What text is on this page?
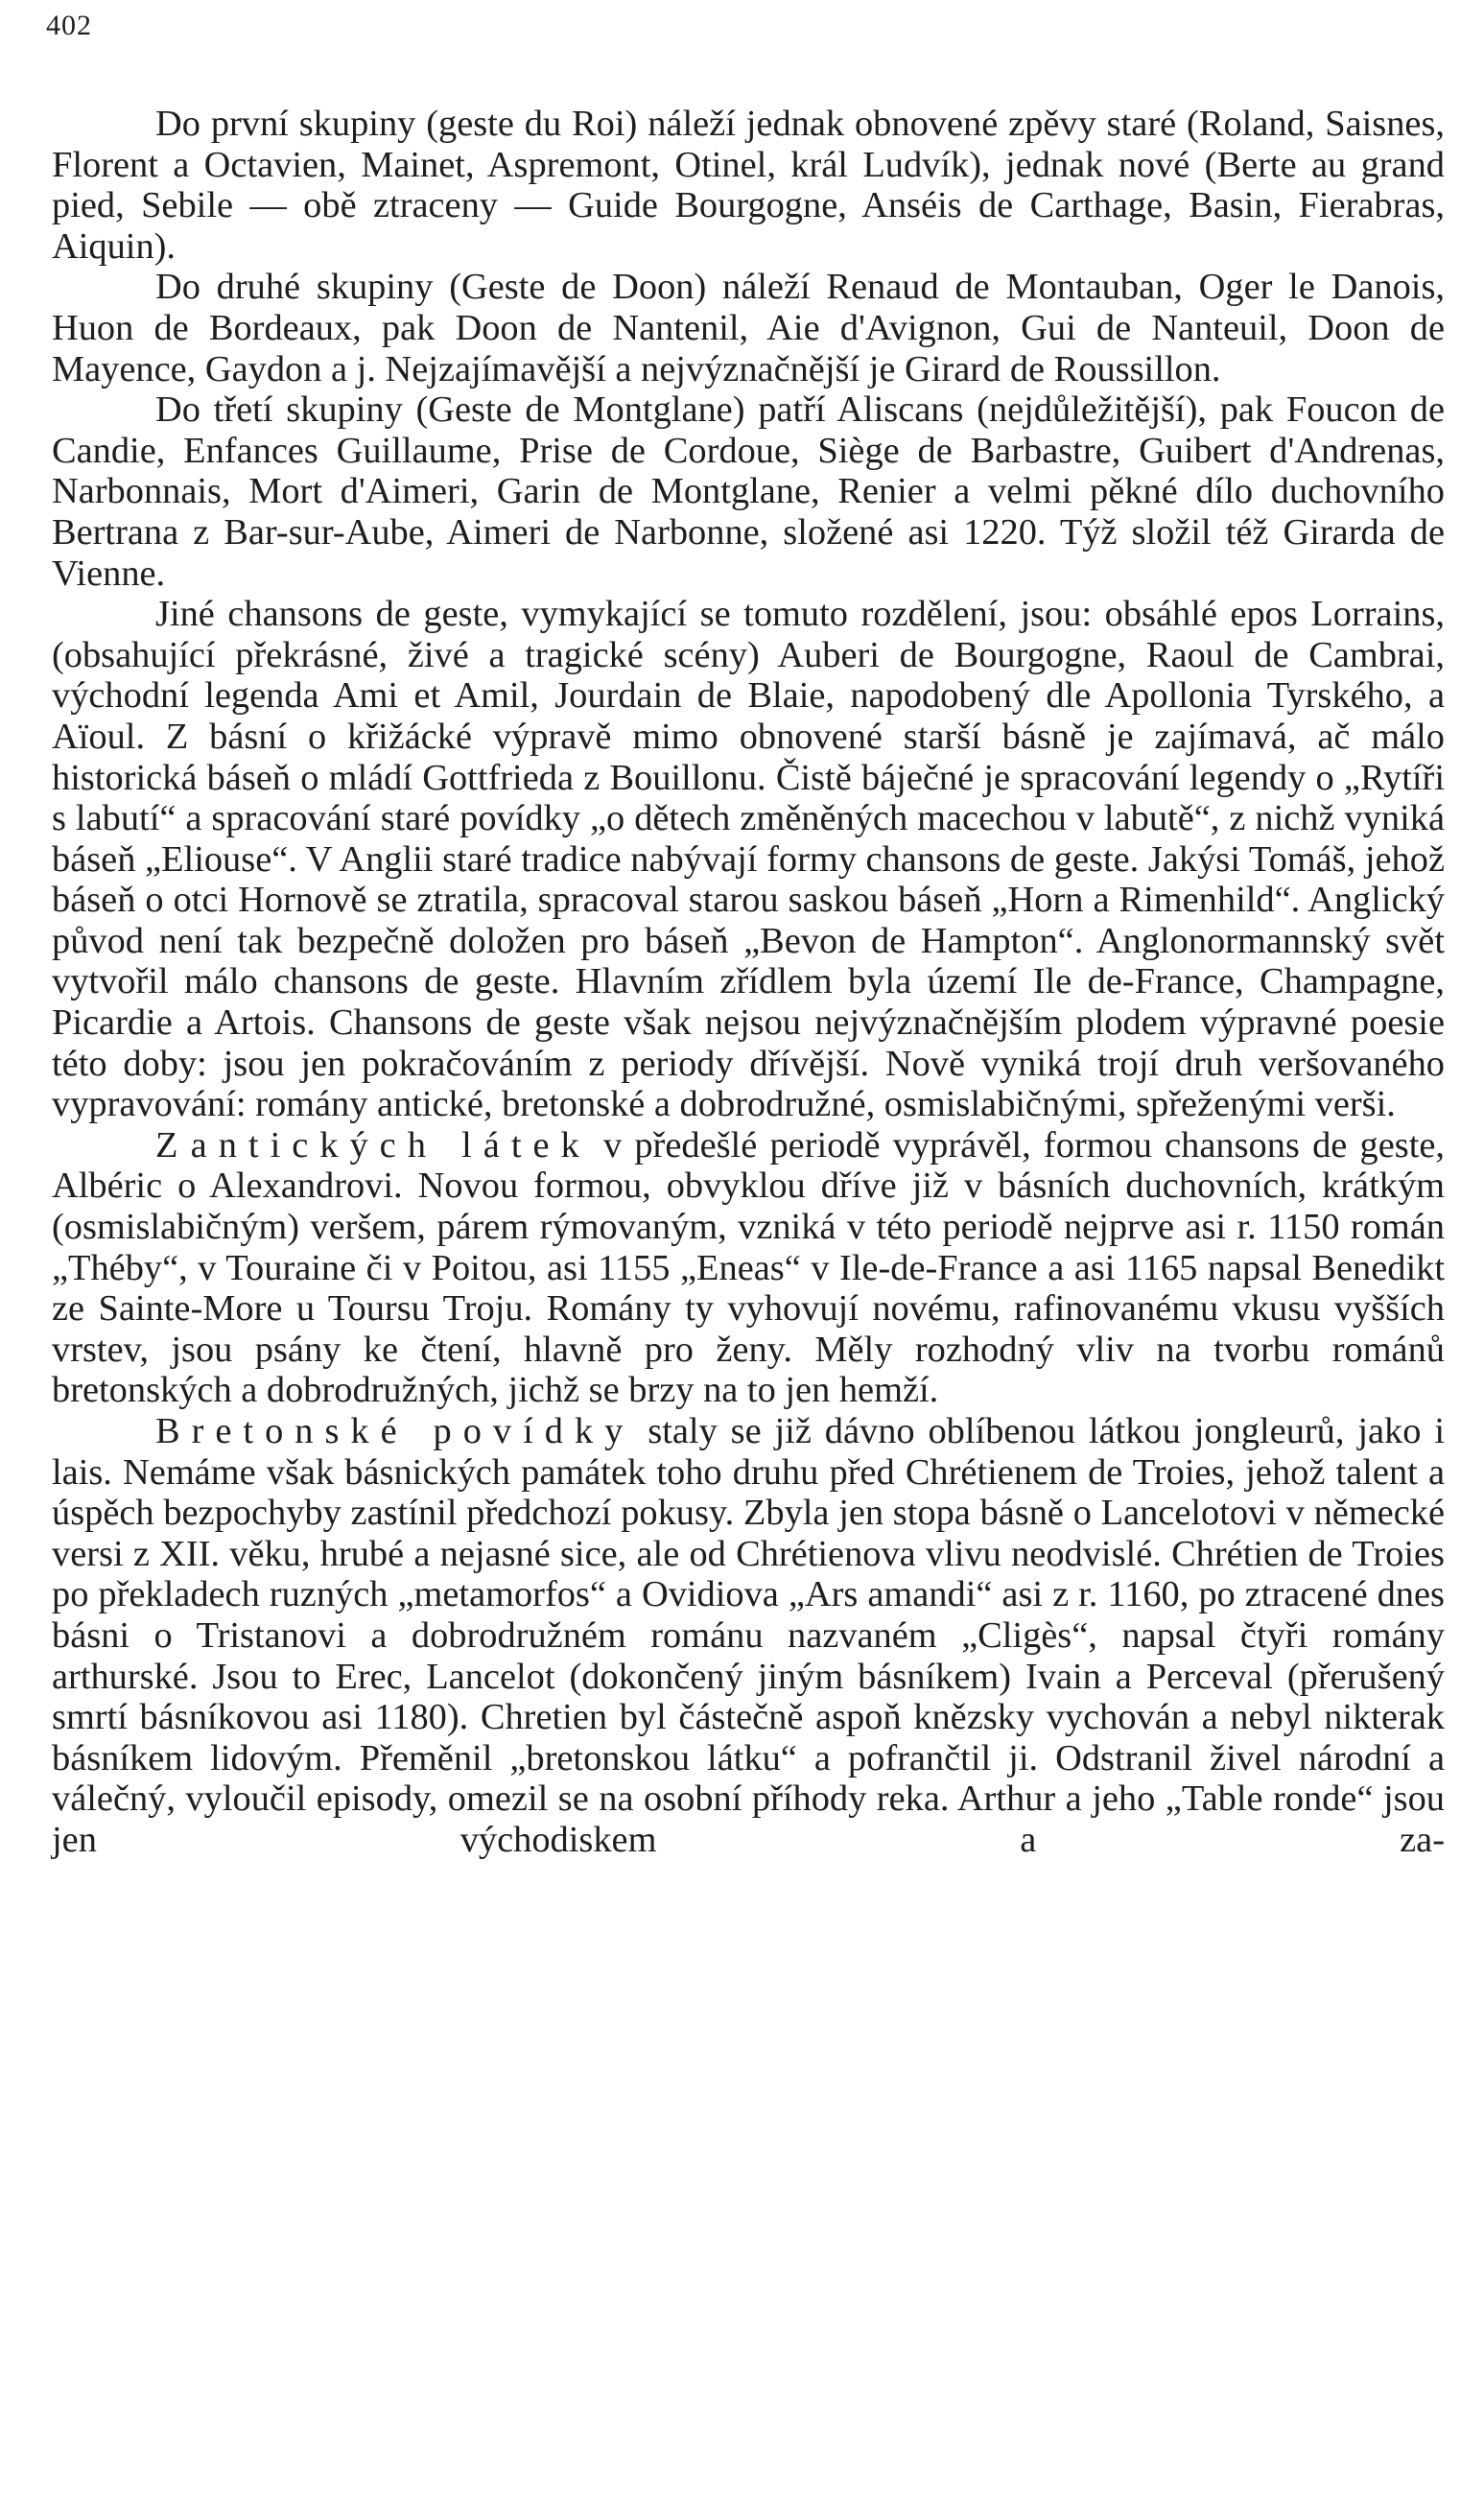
402

Do první skupiny (geste du Roi) náleží jednak obnovené zpěvy staré (Roland, Saisnes, Florent a Octavien, Mainet, Aspremont, Otinel, král Ludvík), jednak nové (Berte au grand pied, Sebile — obě ztraceny — Guide Bourgogne, Anséis de Carthage, Basin, Fierabras, Aiquin).

Do druhé skupiny (Geste de Doon) náleží Renaud de Montauban, Oger le Danois, Huon de Bordeaux, pak Doon de Nantenil, Aie d'Avignon, Gui de Nanteuil, Doon de Mayence, Gaydon a j. Nejzajímavější a nejvýznačnější je Girard de Roussillon.

Do třetí skupiny (Geste de Montglane) patří Aliscans (nejdůležitější), pak Foucon de Candie, Enfances Guillaume, Prise de Cordoue, Siège de Barbastre, Guibert d'Andrenas, Narbonnais, Mort d'Aimeri, Garin de Montglane, Renier a velmi pěkné dílo duchovního Bertrana z Bar-sur-Aube, Aimeri de Narbonne, složené asi 1220. Týž složil též Girarda de Vienne.

Jiné chansons de geste, vymykající se tomuto rozdělení, jsou: obsáhlé epos Lorrains, (obsahující překrásné, živé a tragické scény) Auberi de Bourgogne, Raoul de Cambrai, východní legenda Ami et Amil, Jourdain de Blaie, napodobený dle Apollonia Tyrského, a Aïoul. Z básní o křižácké výpravě mimo obnovené starší básně je zajímavá, ač málo historická báseň o mládí Gottfrieda z Bouillonu. Čistě báječné je spracování legendy o „Rytíři s labutí“ a spracování staré povídky „o dětech změněných macechou v labutě“, z nichž vyniká báseň „Eliouse“. V Anglii staré tradice nabývají formy chansons de geste. Jakýsi Tomáš, jehož báseň o otci Hornově se ztratila, spracoval starou saskou báseň „Horn a Rimenhild“. Anglický původ není tak bezpečně doložen pro báseň „Bevon de Hampton“. Anglonormannský svět vytvořil málo chansons de geste. Hlavním zřídlem byla území Ile de-France, Champagne, Picardie a Artois. Chansons de geste však nejsou nejvýznačnějším plodem výpravné poesie této doby: jsou jen pokračováním z periody dřívější. Nově vyniká trojí druh veršovaného vypravování: romány antické, bretonské a dobrodružné, osmislabičnými, spřeženými verši.

Z antických látek v předešlé periodě vyprávěl, formou chansons de geste, Albéric o Alexandrovi. Novou formou, obvyklou dříve již v básních duchovních, krátkým (osmislabičným) veršem, párem rýmovaným, vzniká v této periodě nejprve asi r. 1150 román „Théby“, v Touraine či v Poitou, asi 1155 „Eneas“ v Ile-de-France a asi 1165 napsal Benedikt ze Sainte-More u Toursu Troju. Romány ty vyhovují novému, rafinovanému vkusu vyšších vrstev, jsou psány ke čtení, hlavně pro ženy. Měly rozhodný vliv na tvorbu románů bretonských a dobrodružných, jichž se brzy na to jen hemží.

Bretonské povídky staly se již dávno oblíbenou látkou jongleurů, jako i lais. Nemáme však básnických památek toho druhu před Chrétienem de Troies, jehož talent a úspěch bezpochyby zastínil předchozí pokusy. Zbyla jen stopa básně o Lancelotovi v německé versi z XII. věku, hrubé a nejasné sice, ale od Chrétienova vlivu neodvislé. Chrétien de Troies po překladech ruzných „metamorfos“ a Ovidiova „Ars amandi“ asi z r. 1160, po ztracené dnes básni o Tristanovi a dobrodružném románu nazvaném „Cligès“, napsal čtyři romány arthurské. Jsou to Erec, Lancelot (dokončený jiným básníkem) Ivain a Perceval (přerušený smrtí básníkovou asi 1180). Chretien byl částečně aspoň knězsky vychován a nebyl nikterak básníkem lidovým. Přeměnil „bretonskou látku“ a pofrančtil ji. Odstranil živel národní a válečný, vyloučil episody, omezil se na osobní příhody reka. Arthur a jeho „Table ronde“ jsou jen východiskem a za-
